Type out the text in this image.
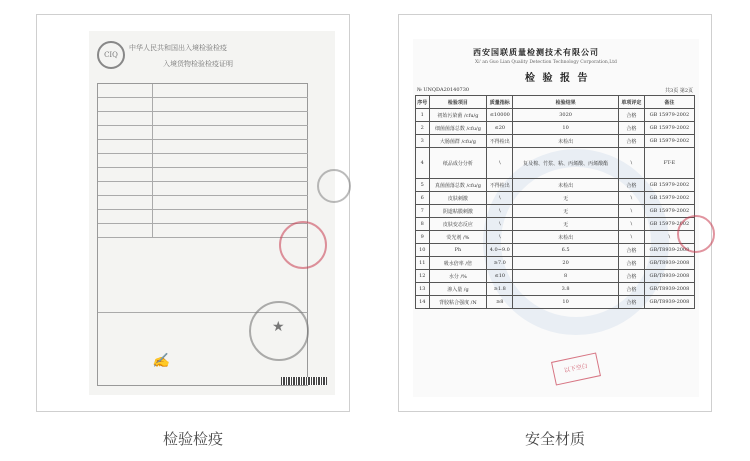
CIQ
中华人民共和国出入境检验检疫
入境货物检验检疫证明
✍
★
检验检疫
西安国联质量检测技术有限公司
Xi' an Guo Lian Quality Detection Technology Corporation,Ltd
检 验 报 告
№ UNQDA20140730	共3页 第2页
序号	检验项目	质量指标	检验结果	单项评定	备注
1	初始污染菌 /cfu/g	≤10000	3020	合格	GB 15979-2002
2	细菌菌落总数 /cfu/g	≤20	10	合格	GB 15979-2002
3	大肠菌群 /cfu/g	不得检出	未检出	合格	GB 15979-2002
4	纸品成分分析	\	复及棉、竹浆、粘、丙烯酸、丙烯酸酯	\	FT-E
5	真菌菌落总数 /cfu/g	不得检出	未检出	合格	GB 15979-2002
6	皮肤刺激	\	无	\	GB 15979-2002
7	阴道粘膜刺激	\	无	\	GB 15979-2002
8	皮肤变态反应	\	无	\	GB 15979-2002
9	荧光剂 /%	\	未检出	\	\
10	Ph	4.0~9.0	6.5	合格	GB/T8939-2008
11	吸水倍率 /倍	≥7.0	20	合格	GB/T8939-2008
12	水分 /%	≤10	8	合格	GB/T8939-2008
13	渗入量 /g	≥1.8	3.8	合格	GB/T8939-2008
14	背胶粘合强度 /N	≥8	10	合格	GB/T8939-2008
以下空白
安全材质
